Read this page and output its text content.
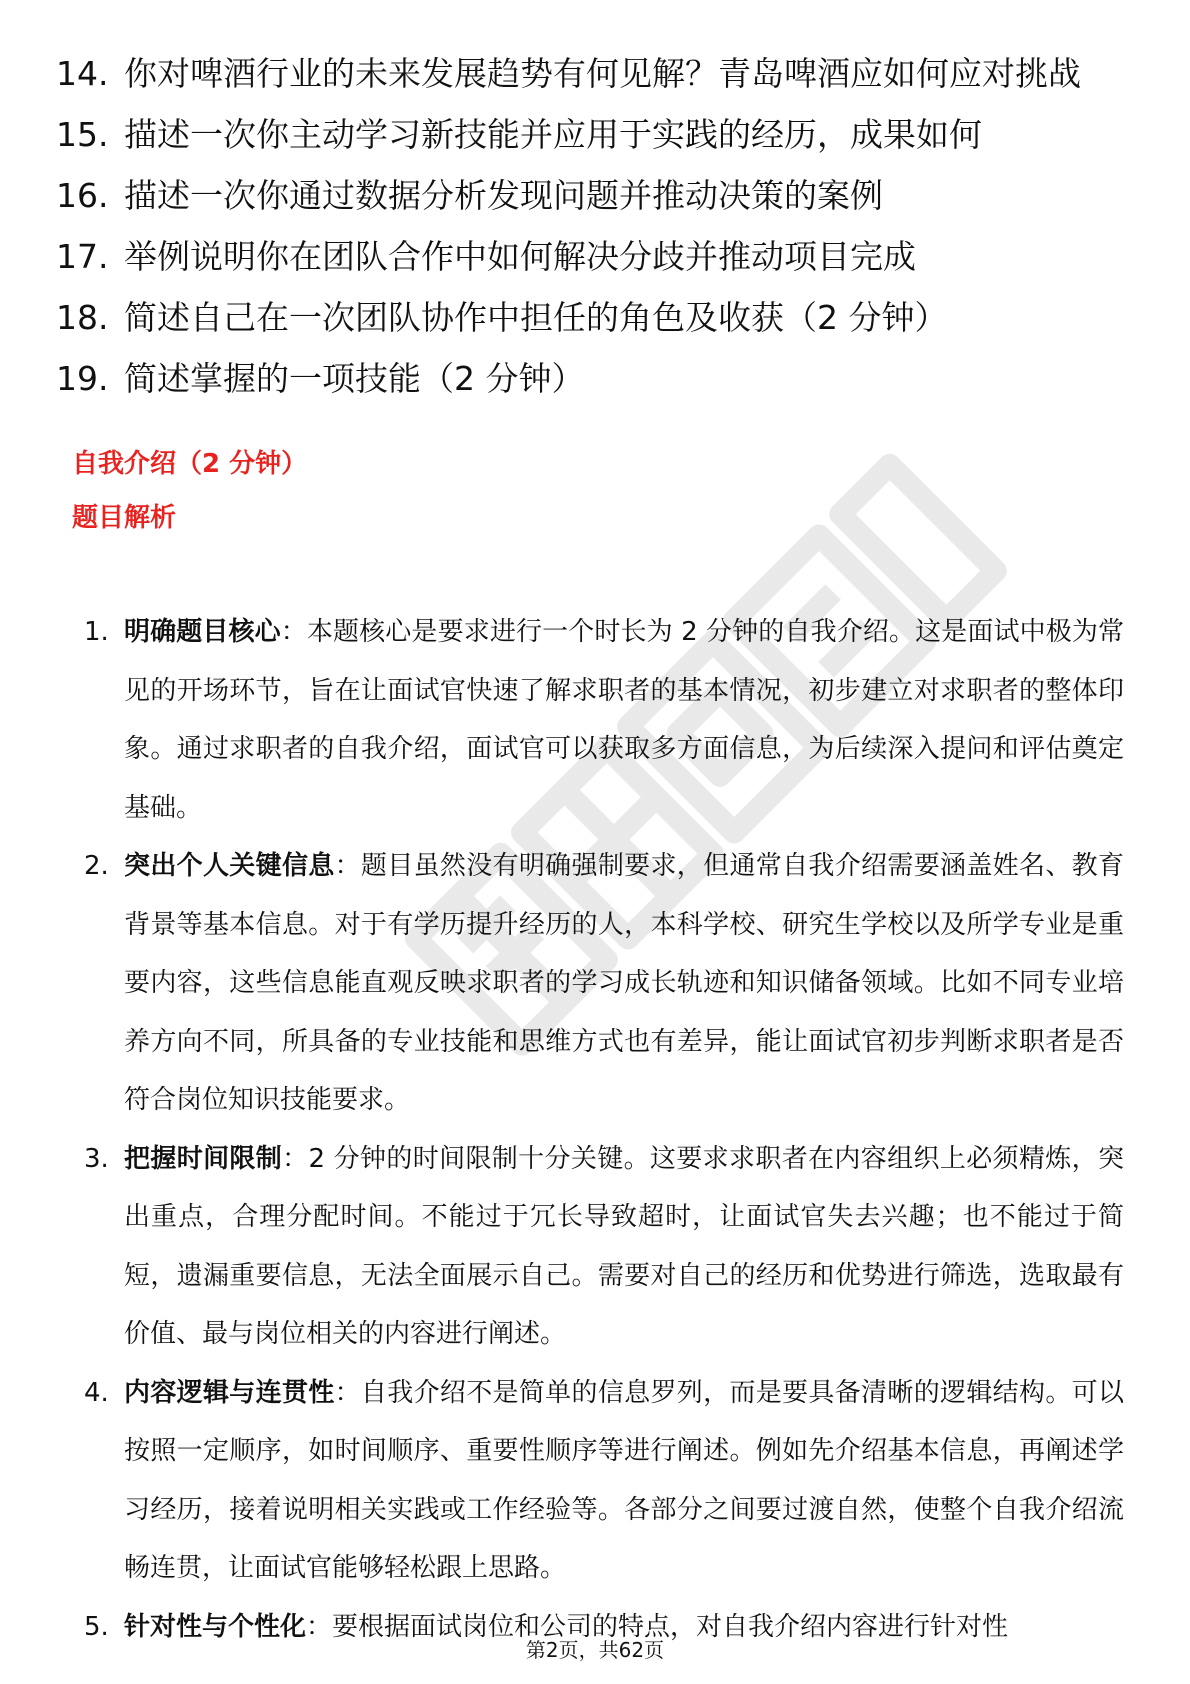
14. 你对啤酒行业的未来发展趋势有何见解？青岛啤酒应如何应对挑战
15. 描述一次你主动学习新技能并应用于实践的经历，成果如何
16. 描述一次你通过数据分析发现问题并推动决策的案例
17. 举例说明你在团队合作中如何解决分歧并推动项目完成
18. 简述自己在一次团队协作中担任的角色及收获（2 分钟）
19. 简述掌握的一项技能（2 分钟）
自我介绍（2 分钟）
题目解析
1. 明确题目核心：本题核心是要求进行一个时长为 2 分钟的自我介绍。这是面试中极为常见的开场环节，旨在让面试官快速了解求职者的基本情况，初步建立对求职者的整体印象。通过求职者的自我介绍，面试官可以获取多方面信息，为后续深入提问和评估奠定基础。
2. 突出个人关键信息：题目虽然没有明确强制要求，但通常自我介绍需要涵盖姓名、教育背景等基本信息。对于有学历提升经历的人，本科学校、研究生学校以及所学专业是重要内容，这些信息能直观反映求职者的学习成长轨迹和知识储备领域。比如不同专业培养方向不同，所具备的专业技能和思维方式也有差异，能让面试官初步判断求职者是否符合岗位知识技能要求。
3. 把握时间限制：2 分钟的时间限制十分关键。这要求求职者在内容组织上必须精炼，突出重点，合理分配时间。不能过于冗长导致超时，让面试官失去兴趣；也不能过于简短，遗漏重要信息，无法全面展示自己。需要对自己的经历和优势进行筛选，选取最有价值、最与岗位相关的内容进行阐述。
4. 内容逻辑与连贯性：自我介绍不是简单的信息罗列，而是要具备清晰的逻辑结构。可以按照一定顺序，如时间顺序、重要性顺序等进行阐述。例如先介绍基本信息，再阐述学习经历，接着说明相关实践或工作经验等。各部分之间要过渡自然，使整个自我介绍流畅连贯，让面试官能够轻松跟上思路。
5. 针对性与个性化：要根据面试岗位和公司的特点，对自我介绍内容进行针对性
第2页，共62页
